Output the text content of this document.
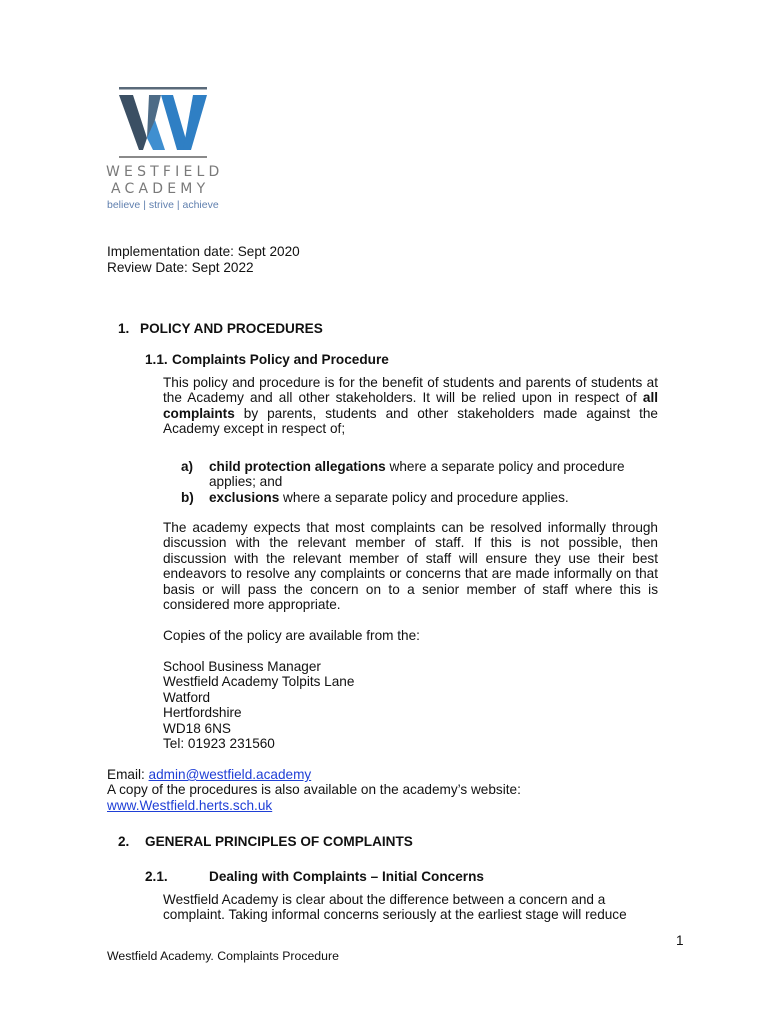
WESTFIELD
ACADEMY
believe | strive | achieve
Implementation date: Sept 2020
Review Date: Sept 2022
1. POLICY AND PROCEDURES
1.1. Complaints Policy and Procedure
This policy and procedure is for the benefit of students and parents of students at the Academy and all other stakeholders. It will be relied upon in respect of all complaints by parents, students and other stakeholders made against the Academy except in respect of;
a) child protection allegations where a separate policy and procedure
applies; and
b) exclusions where a separate policy and procedure applies.
The academy expects that most complaints can be resolved informally through discussion with the relevant member of staff. If this is not possible, then discussion with the relevant member of staff will ensure they use their best endeavors to resolve any complaints or concerns that are made informally on that basis or will pass the concern on to a senior member of staff where this is considered more appropriate.
Copies of the policy are available from the:
School Business Manager
Westfield Academy Tolpits Lane
Watford
Hertfordshire
WD18 6NS
Tel: 01923 231560
Email: admin@westfield.academy
A copy of the procedures is also available on the academy’s website:
www.Westfield.herts.sch.uk
2. GENERAL PRINCIPLES OF COMPLAINTS
2.1.	Dealing with Complaints – Initial Concerns
Westfield Academy is clear about the difference between a concern and a
complaint. Taking informal concerns seriously at the earliest stage will reduce
1
Westfield Academy. Complaints Procedure
